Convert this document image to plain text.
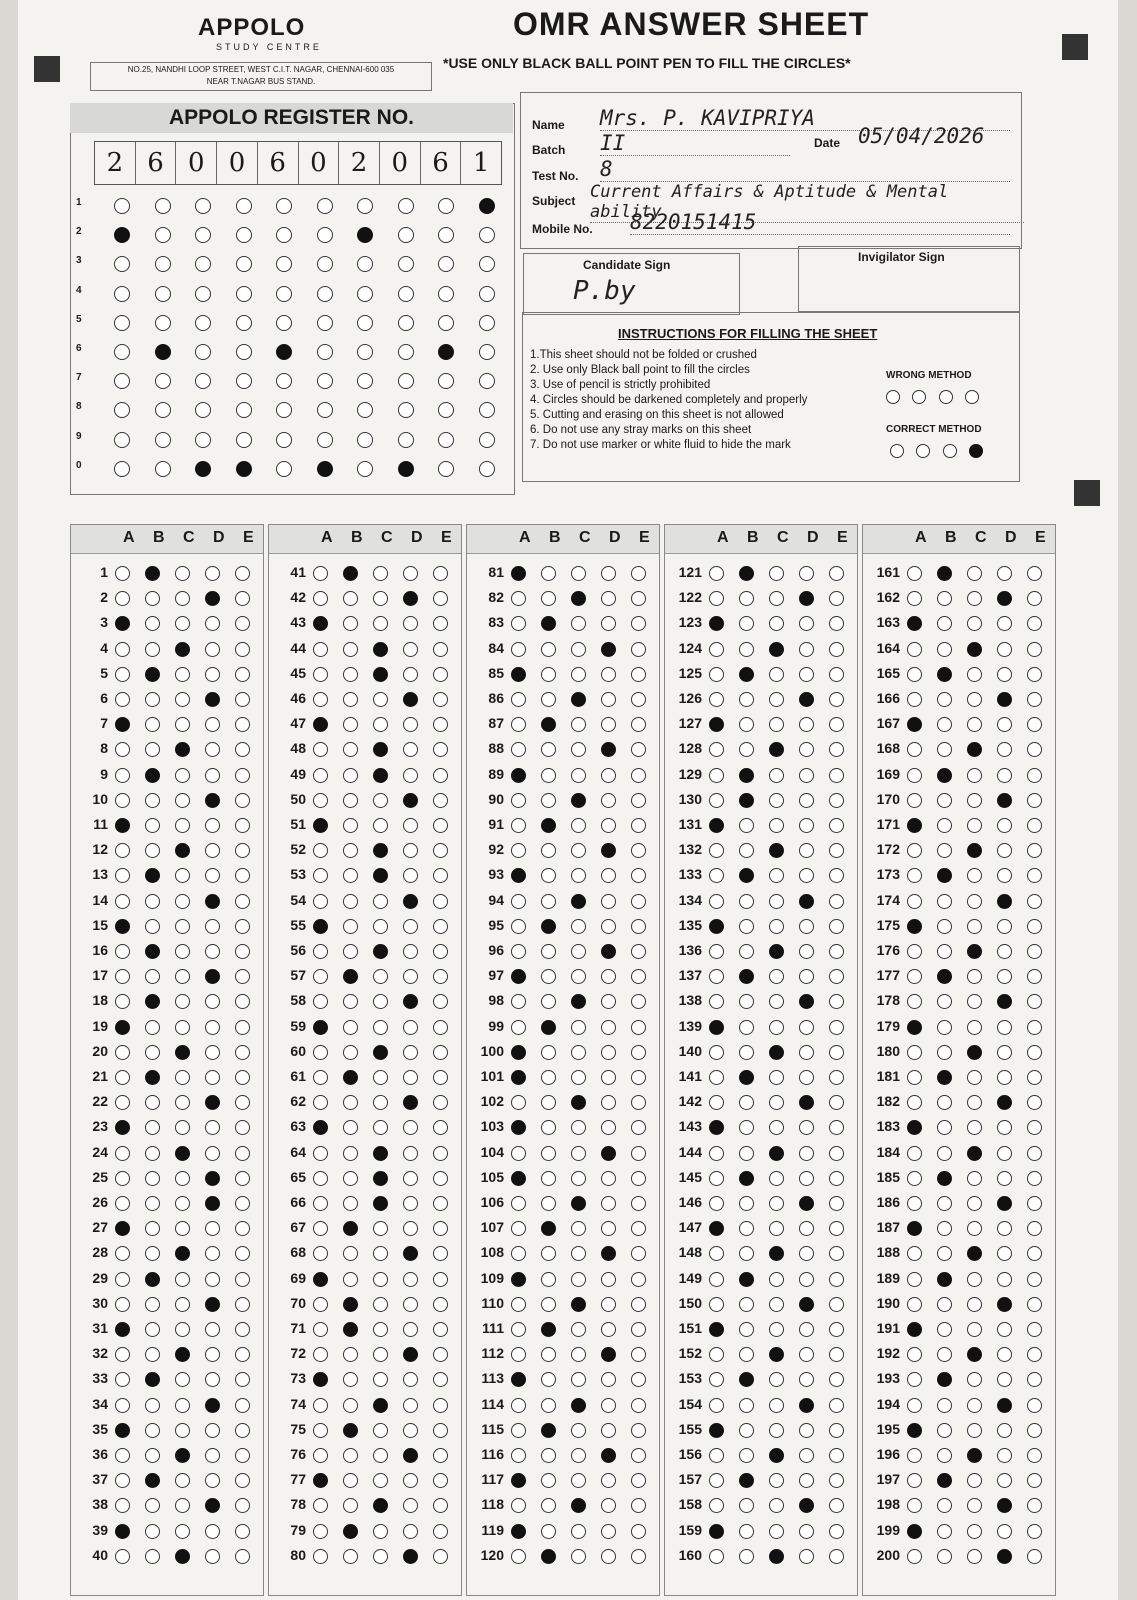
APPOLO
STUDY CENTRE
NO.25, NANDHI LOOP STREET, WEST C.I.T. NAGAR, CHENNAI-600 035
NEAR T.NAGAR BUS STAND.
OMR ANSWER SHEET
*USE ONLY BLACK BALL POINT PEN TO FILL THE CIRCLES*
APPOLO REGISTER NO.
2 6 0 0 6 0 2 0 6 1
1
2
3
4
5
6
7
8
9
0
Name Mrs. P. KAVIPRIYA
Batch II	Date 05/04/2026
Test No. 8
Subject Current Affairs & Aptitude & Mental ability
Mobile No. 8220151415
Candidate Sign
P.by
Invigilator Sign
INSTRUCTIONS FOR FILLING THE SHEET
1.This sheet should not be folded or crushed
2. Use only Black ball point to fill the circles
3. Use of pencil is strictly prohibited
4. Circles should be darkened completely and properly
5. Cutting and erasing on this sheet is not allowed
6. Do not use any stray marks on this sheet
7. Do not use marker or white fluid to hide the mark
WRONG METHOD

CORRECT METHOD

A B C D E
1
2
3
4
5
6
7
8
9
10
11
12
13
14
15
16
17
18
19
20
21
22
23
24
25
26
27
28
29
30
31
32
33
34
35
36
37
38
39
40
A B C D E
41
42
43
44
45
46
47
48
49
50
51
52
53
54
55
56
57
58
59
60
61
62
63
64
65
66
67
68
69
70
71
72
73
74
75
76
77
78
79
80
A B C D E
81
82
83
84
85
86
87
88
89
90
91
92
93
94
95
96
97
98
99
100
101
102
103
104
105
106
107
108
109
110
111
112
113
114
115
116
117
118
119
120
A B C D E
121
122
123
124
125
126
127
128
129
130
131
132
133
134
135
136
137
138
139
140
141
142
143
144
145
146
147
148
149
150
151
152
153
154
155
156
157
158
159
160
A B C D E
161
162
163
164
165
166
167
168
169
170
171
172
173
174
175
176
177
178
179
180
181
182
183
184
185
186
187
188
189
190
191
192
193
194
195
196
197
198
199
200
